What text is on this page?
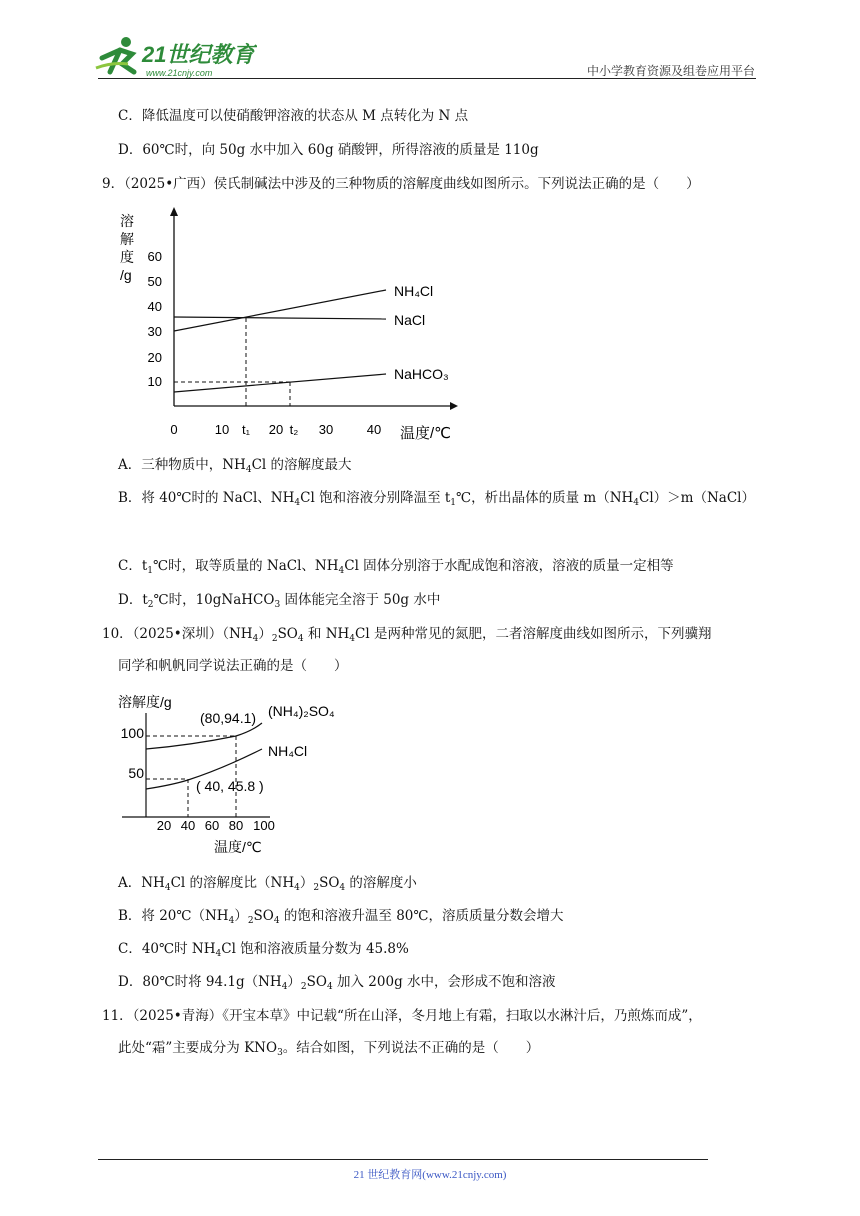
21世纪教育
www.21cnjy.com	中小学教育资源及组卷应用平台
C．降低温度可以使硝酸钾溶液的状态从 M 点转化为 N 点
D．60℃时，向 50g 水中加入 60g 硝酸钾，所得溶液的质量是 110g
9．（2025•广西）侯氏制碱法中涉及的三种物质的溶解度曲线如图所示。下列说法正确的是（　　）
溶
解
度
/g
60
50
40
30
20
10
0	10 t₁ 20 t₂ 30	40 温度/℃
NH₄Cl
NaCl
NaHCO₃
A．三种物质中，$NH_4Cl$ 的溶解度最大
B．将 40℃时的 NaCl、$NH_4Cl$ 饱和溶液分别降温至 $t_1℃$，析出晶体的质量 $m(NH_4Cl)>m(NaCl)$
C．$t_1℃$时，取等质量的 NaCl、$NH_4Cl$ 固体分别溶于水配成饱和溶液，溶液的质量一定相等
D．$t_2℃$时，10gNaHCO$_3$ 固体能完全溶于 50g 水中
10．（2025•深圳）$(NH_4)_2SO_4$ 和 $NH_4Cl$ 是两种常见的氮肥，二者溶解度曲线如图所示，下列骥翔
同学和帆帆同学说法正确的是（　　）
溶解度/g
100
50
20 40 60 80 100
温度/℃
(80,94.1) (NH₄)₂SO₄
NH₄Cl
( 40, 45.8 )
A．$NH_4Cl$ 的溶解度比$(NH_4)_2SO_4$ 的溶解度小
B．将 $20℃(NH_4)_2SO_4$ 的饱和溶液升温至 80℃，溶质质量分数会增大
C．40℃时 $NH_4Cl$ 饱和溶液质量分数为 45.8%
D．80℃时将 $94.1g(NH_4)_2SO_4$ 加入 200g 水中，会形成不饱和溶液
11．（2025•青海）《开宝本草》中记载“所在山泽，冬月地上有霜，扫取以水淋汁后，乃煎炼而成”，
此处“霜”主要成分为 $KNO_3$。结合如图，下列说法不正确的是（　　）
21 世纪教育网(www.21cnjy.com)
